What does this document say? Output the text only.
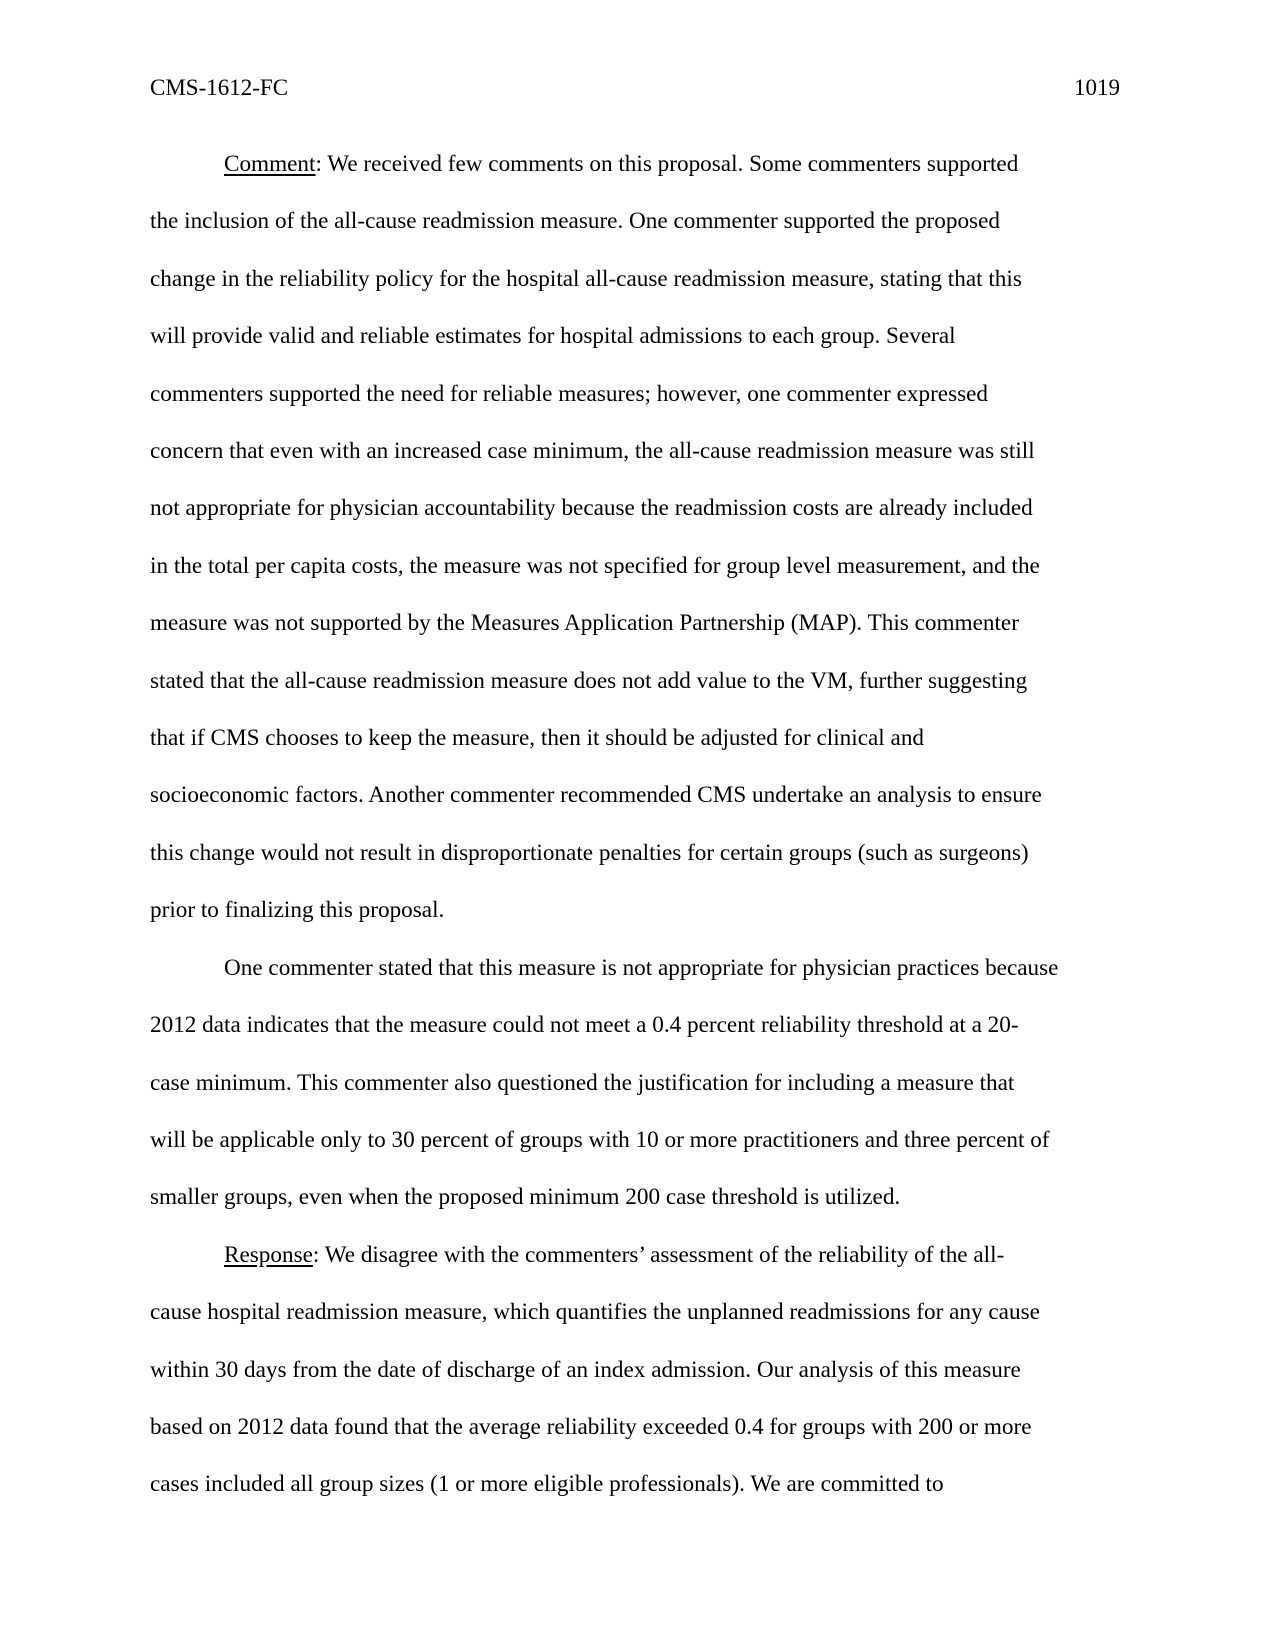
CMS-1612-FC	1019

Comment: We received few comments on this proposal. Some commenters supported
the inclusion of the all-cause readmission measure. One commenter supported the proposed
change in the reliability policy for the hospital all-cause readmission measure, stating that this
will provide valid and reliable estimates for hospital admissions to each group. Several
commenters supported the need for reliable measures; however, one commenter expressed
concern that even with an increased case minimum, the all-cause readmission measure was still
not appropriate for physician accountability because the readmission costs are already included
in the total per capita costs, the measure was not specified for group level measurement, and the
measure was not supported by the Measures Application Partnership (MAP). This commenter
stated that the all-cause readmission measure does not add value to the VM, further suggesting
that if CMS chooses to keep the measure, then it should be adjusted for clinical and
socioeconomic factors. Another commenter recommended CMS undertake an analysis to ensure
this change would not result in disproportionate penalties for certain groups (such as surgeons)
prior to finalizing this proposal.

One commenter stated that this measure is not appropriate for physician practices because
2012 data indicates that the measure could not meet a 0.4 percent reliability threshold at a 20-
case minimum. This commenter also questioned the justification for including a measure that
will be applicable only to 30 percent of groups with 10 or more practitioners and three percent of
smaller groups, even when the proposed minimum 200 case threshold is utilized.

Response: We disagree with the commenters’ assessment of the reliability of the all-
cause hospital readmission measure, which quantifies the unplanned readmissions for any cause
within 30 days from the date of discharge of an index admission. Our analysis of this measure
based on 2012 data found that the average reliability exceeded 0.4 for groups with 200 or more
cases included all group sizes (1 or more eligible professionals). We are committed to
